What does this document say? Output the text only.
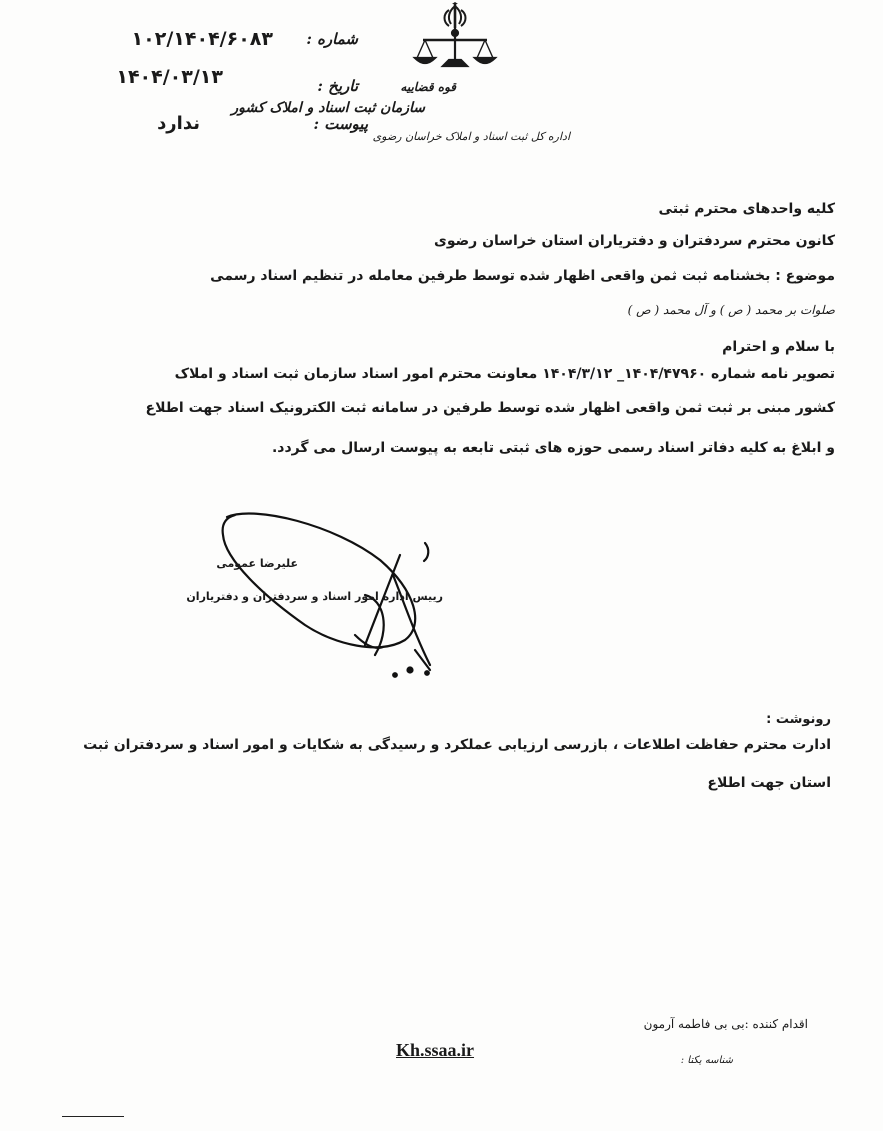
قوه قضاییه
سازمان ثبت اسناد و املاک کشور
اداره کل ثبت اسناد و املاک خراسان رضوی
شماره :
۱۰۲/۱۴۰۴/۶۰۸۳
تاریخ :
۱۴۰۴/۰۳/۱۳
پیوست :
ندارد
کلیه واحدهای محترم ثبتی
کانون محترم سردفتران و دفتریاران استان خراسان رضوی
موضوع : بخشنامه ثبت ثمن واقعی اظهار شده توسط طرفین معامله در تنظیم اسناد رسمی
صلوات بر محمد ( ص ) و آل محمد ( ص )
با سلام و احترام
تصویر نامه شماره ۱۴۰۴/۴۷۹۶۰_ ۱۴۰۴/۳/۱۲ معاونت محترم امور اسناد سازمان ثبت اسناد و املاک
کشور مبنی بر ثبت ثمن واقعی اظهار شده توسط طرفین در سامانه ثبت الکترونیک اسناد جهت اطلاع
و ابلاغ به کلیه دفاتر اسناد رسمی حوزه های ثبتی تابعه به پیوست ارسال می گردد.
علیرضا عمومی
رییس اداره امور اسناد و سردفتران و دفتریاران
رونوشت :
ادارت محترم حفاظت اطلاعات ، بازرسی ارزیابی عملکرد و رسیدگی به شکایات و امور اسناد و سردفتران ثبت
استان جهت اطلاع
اقدام کننده :بی بی فاطمه آرمون
Kh.ssaa.ir
شناسه یکتا :
